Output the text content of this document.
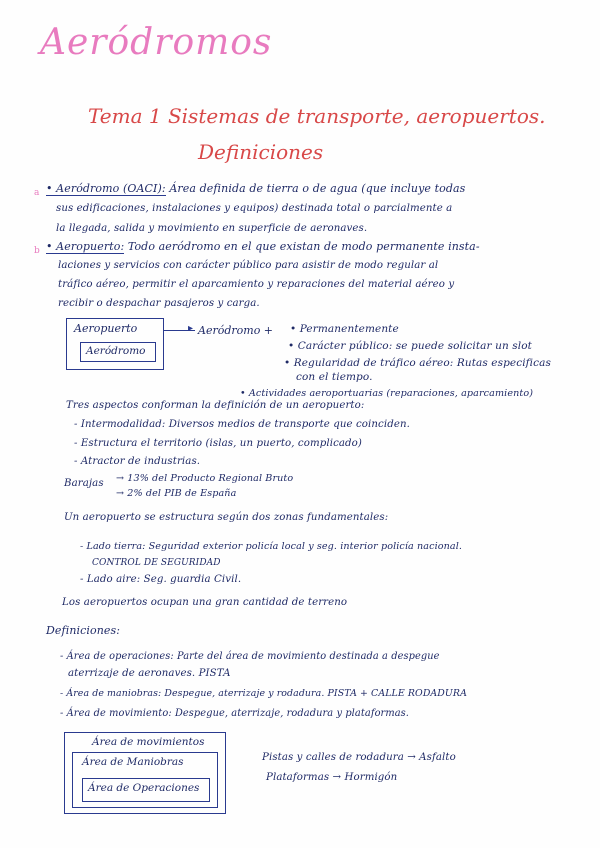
Aeródromos
Tema 1 Sistemas de transporte, aeropuertos.
Definiciones
a • Aeródromo (OACI): Área definida de tierra o de agua (que incluye todas
sus edificaciones, instalaciones y equipos) destinada total o parcialmente a
la llegada, salida y movimiento en superficie de aeronaves.
b • Aeropuerto: Todo aeródromo en el que existan de modo permanente insta-
laciones y servicios con carácter público para asistir de modo regular al
tráfico aéreo, permitir el aparcamiento y reparaciones del material aéreo y
recibir o despachar pasajeros y carga.
Aeropuerto
Aeródromo
▸ Aeródromo + • Permanentemente
• Carácter público: se puede solicitar un slot
• Regularidad de tráfico aéreo: Rutas especificas
con el tiempo.
• Actividades aeroportuarias (reparaciones, aparcamiento)
Tres aspectos conforman la definición de un aeropuerto:
- Intermodalidad: Diversos medios de transporte que coinciden.
- Estructura el territorio (islas, un puerto, complicado)
- Atractor de industrias.
Barajas → 13% del Producto Regional Bruto
→ 2% del PIB de España
Un aeropuerto se estructura según dos zonas fundamentales:
- Lado tierra: Seguridad exterior policía local y seg. interior policía nacional.
CONTROL DE SEGURIDAD
- Lado aire: Seg. guardia Civil.
Los aeropuertos ocupan una gran cantidad de terreno
Definiciones:
- Área de operaciones: Parte del área de movimiento destinada a despegue
aterrizaje de aeronaves. PISTA
- Área de maniobras: Despegue, aterrizaje y rodadura. PISTA + CALLE RODADURA
- Área de movimiento: Despegue, aterrizaje, rodadura y plataformas.
Área de movimientos
Área de Maniobras
Área de Operaciones
Pistas y calles de rodadura → Asfalto
Plataformas → Hormigón
